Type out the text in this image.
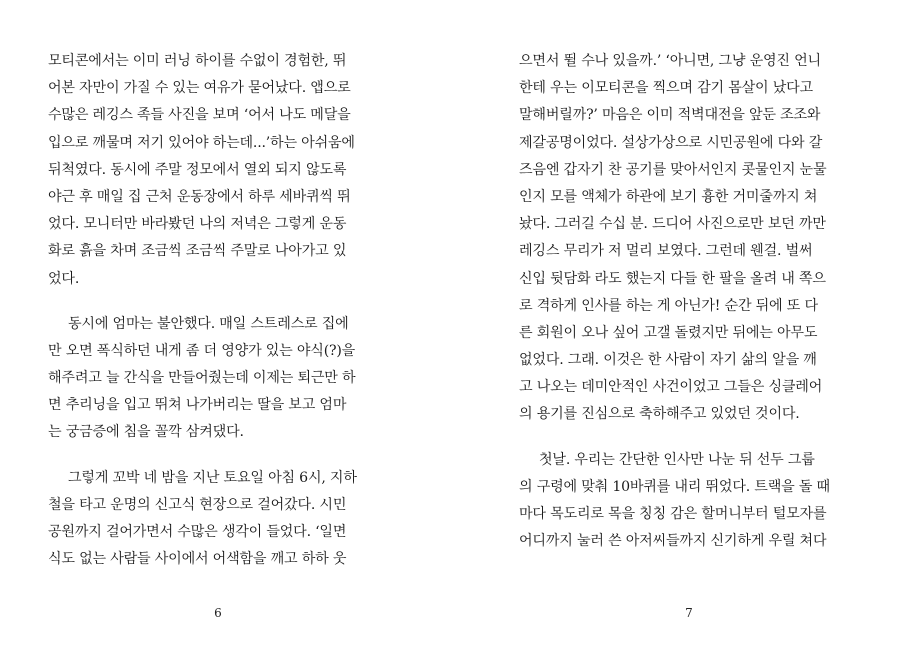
모티콘에서는 이미 러닝 하이를 수없이 경험한, 뛰
어본 자만이 가질 수 있는 여유가 묻어났다. 앱으로
수많은 레깅스 족들 사진을 보며 ‘어서 나도 메달을
입으로 깨물며 저기 있어야 하는데...’하는 아쉬움에
뒤척였다. 동시에 주말 정모에서 열외 되지 않도록
야근 후 매일 집 근처 운동장에서 하루 세바퀴씩 뛰
었다. 모니터만 바라봤던 나의 저녁은 그렇게 운동
화로 흙을 차며 조금씩 조금씩 주말로 나아가고 있
었다.
동시에 엄마는 불안했다. 매일 스트레스로 집에
만 오면 폭식하던 내게 좀 더 영양가 있는 야식(?)을
해주려고 늘 간식을 만들어줬는데 이제는 퇴근만 하
면 추리닝을 입고 뛰쳐 나가버리는 딸을 보고 엄마
는 궁금증에 침을 꼴깍 삼켜댔다.
그렇게 꼬박 네 밤을 지난 토요일 아침 6시, 지하
철을 타고 운명의 신고식 현장으로 걸어갔다. 시민
공원까지 걸어가면서 수많은 생각이 들었다. ‘일면
식도 없는 사람들 사이에서 어색함을 깨고 하하 웃
6
으면서 뛸 수나 있을까.’ ‘아니면, 그냥 운영진 언니
한테 우는 이모티콘을 찍으며 감기 몸살이 났다고
말해버릴까?’ 마음은 이미 적벽대전을 앞둔 조조와
제갈공명이었다. 설상가상으로 시민공원에 다와 갈
즈음엔 갑자기 찬 공기를 맞아서인지 콧물인지 눈물
인지 모를 액체가 하관에 보기 흉한 거미줄까지 쳐
놨다. 그러길 수십 분. 드디어 사진으로만 보던 까만
레깅스 무리가 저 멀리 보였다. 그런데 웬걸. 벌써
신입 뒷담화 라도 했는지 다들 한 팔을 올려 내 쪽으
로 격하게 인사를 하는 게 아닌가! 순간 뒤에 또 다
른 회원이 오나 싶어 고갤 돌렸지만 뒤에는 아무도
없었다. 그래. 이것은 한 사람이 자기 삶의 알을 깨
고 나오는 데미안적인 사건이었고 그들은 싱클레어
의 용기를 진심으로 축하해주고 있었던 것이다.
첫날. 우리는 간단한 인사만 나눈 뒤 선두 그룹
의 구령에 맞춰 10바퀴를 내리 뛰었다. 트랙을 돌 때
마다 목도리로 목을 칭칭 감은 할머니부터 털모자를
어디까지 눌러 쓴 아저씨들까지 신기하게 우릴 쳐다
7
